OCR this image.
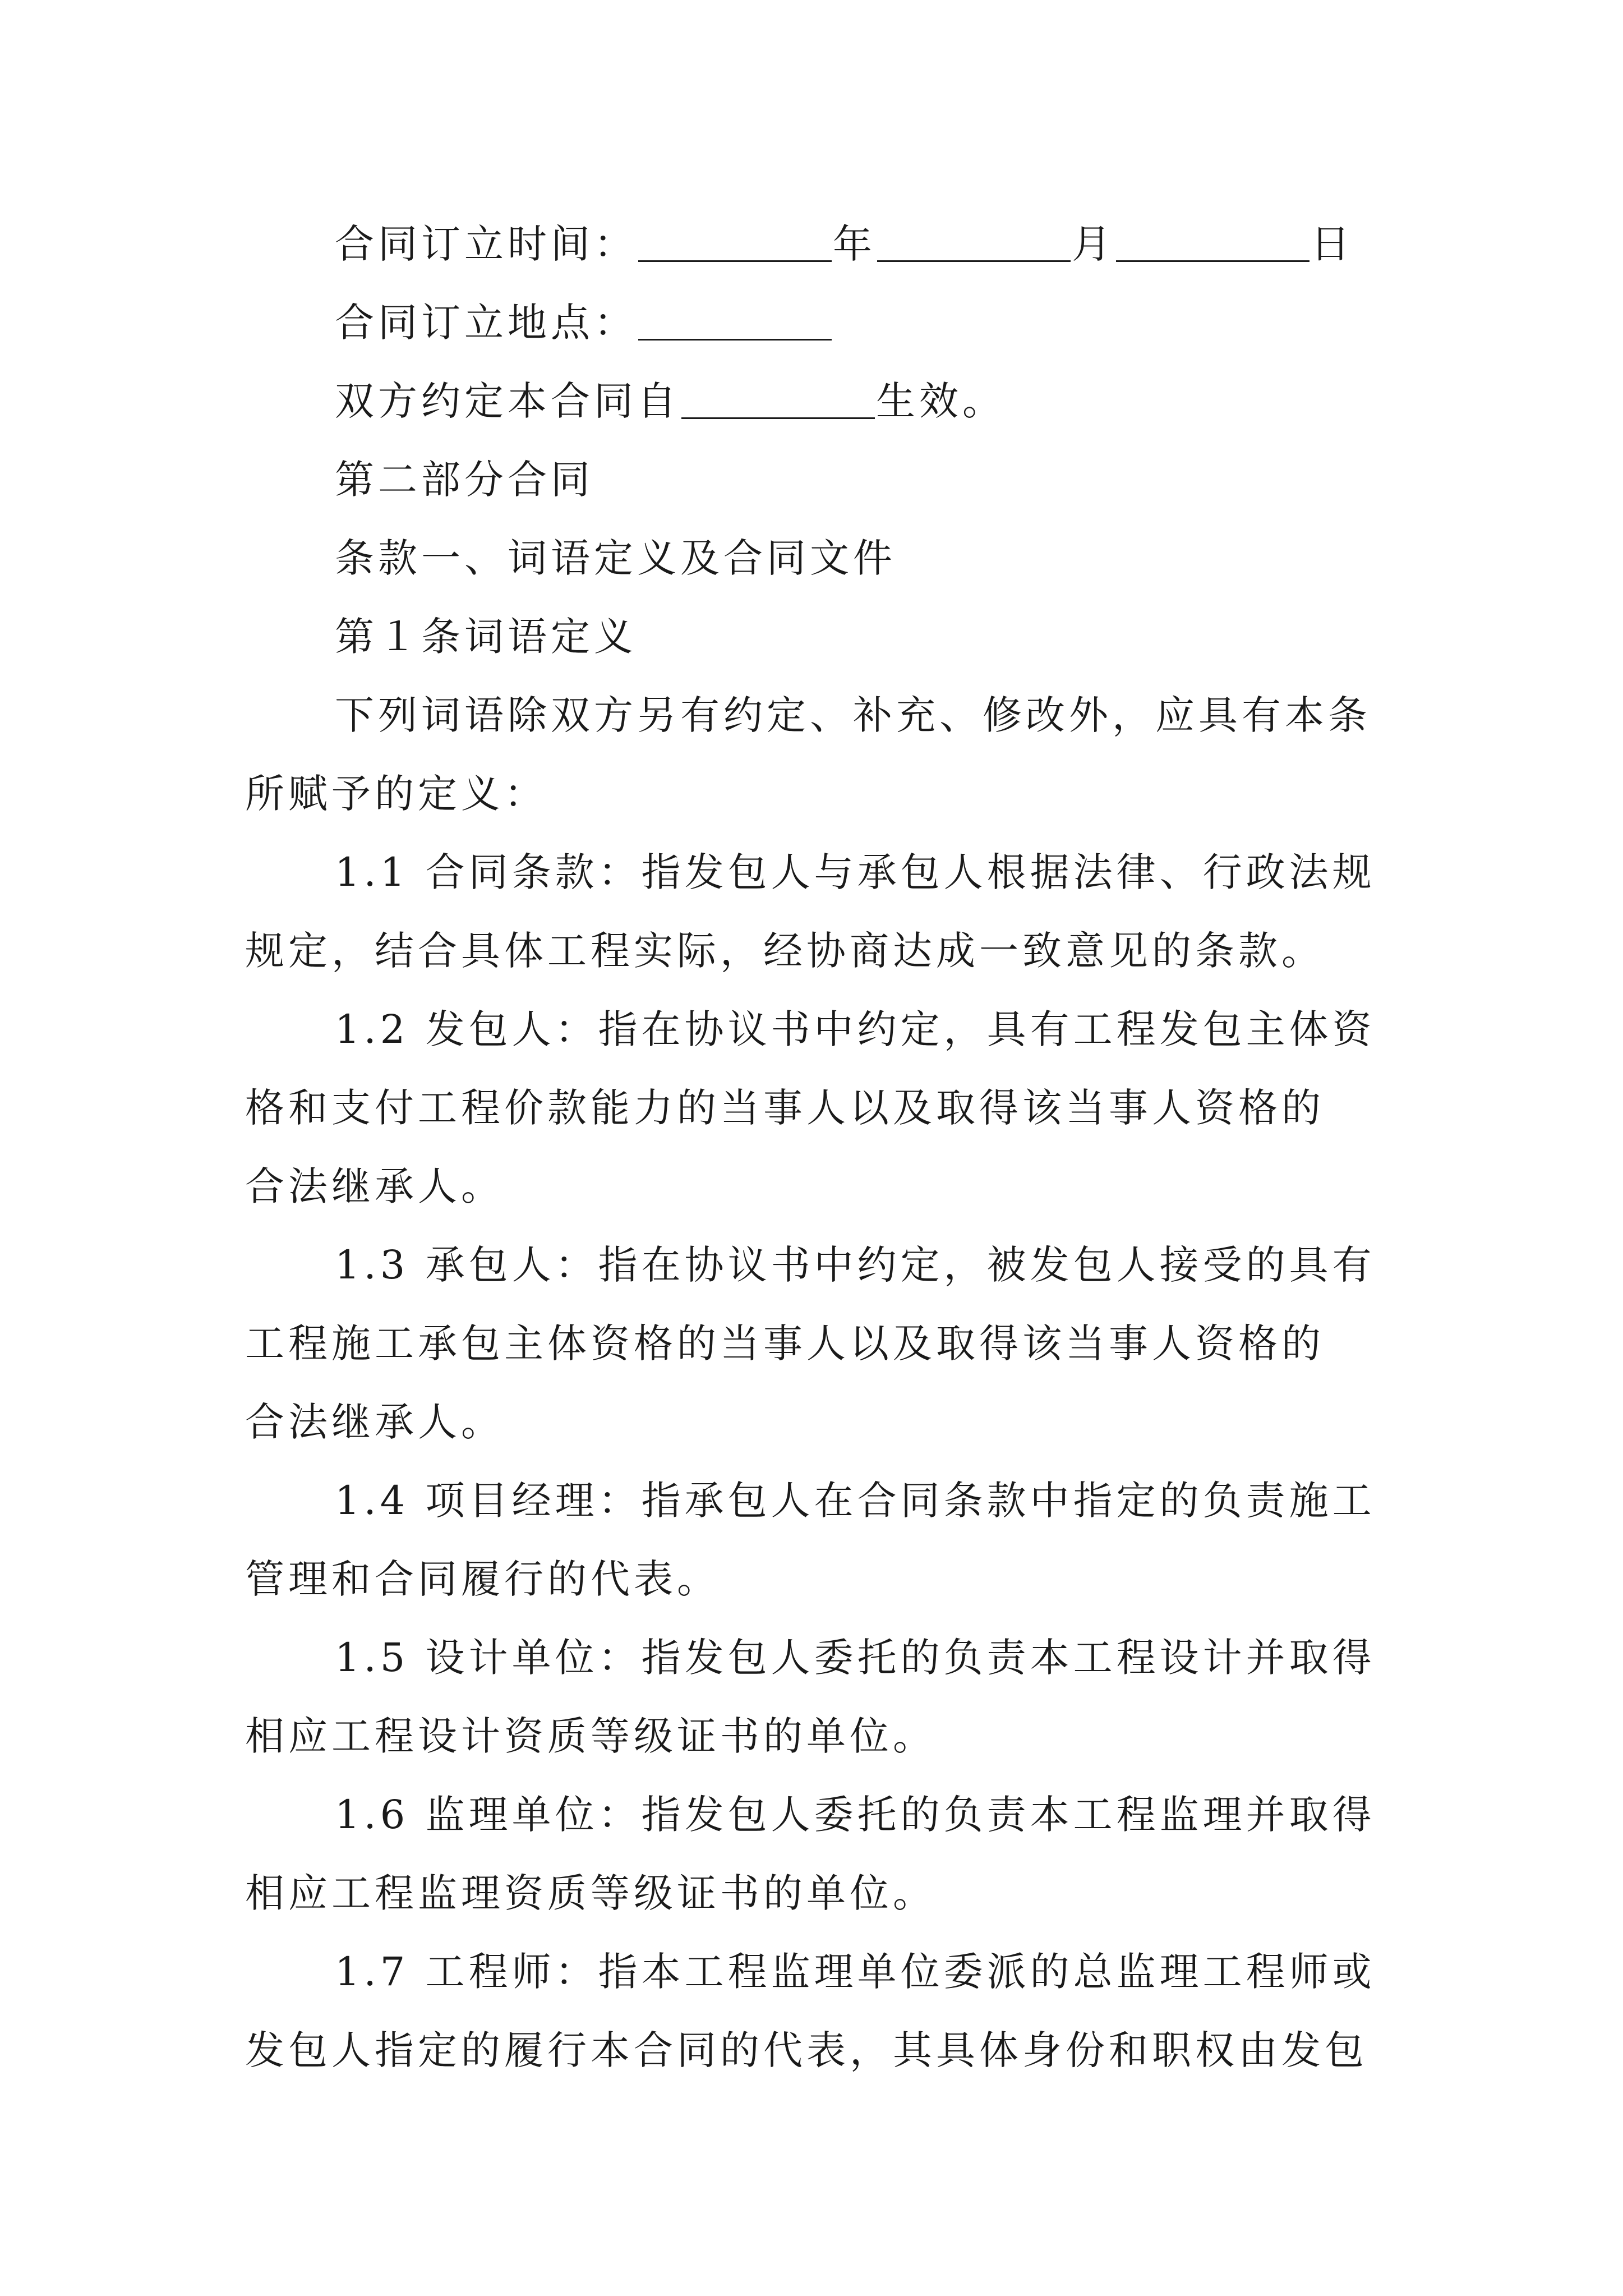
合同订立时间：	年	月	日
合同订立地点：
双方约定本合同自	生效。
第二部分合同
条款一、词语定义及合同文件
第１条词语定义
下列词语除双方另有约定、补充、修改外，应具有本条
所赋予的定义：
1.1 合同条款：指发包人与承包人根据法律、行政法规
规定，结合具体工程实际，经协商达成一致意见的条款。
1.2 发包人：指在协议书中约定，具有工程发包主体资
格和支付工程价款能力的当事人以及取得该当事人资格的
合法继承人。
1.3 承包人：指在协议书中约定，被发包人接受的具有
工程施工承包主体资格的当事人以及取得该当事人资格的
合法继承人。
1.4 项目经理：指承包人在合同条款中指定的负责施工
管理和合同履行的代表。
1.5 设计单位：指发包人委托的负责本工程设计并取得
相应工程设计资质等级证书的单位。
1.6 监理单位：指发包人委托的负责本工程监理并取得
相应工程监理资质等级证书的单位。
1.7 工程师：指本工程监理单位委派的总监理工程师或
发包人指定的履行本合同的代表，其具体身份和职权由发包
